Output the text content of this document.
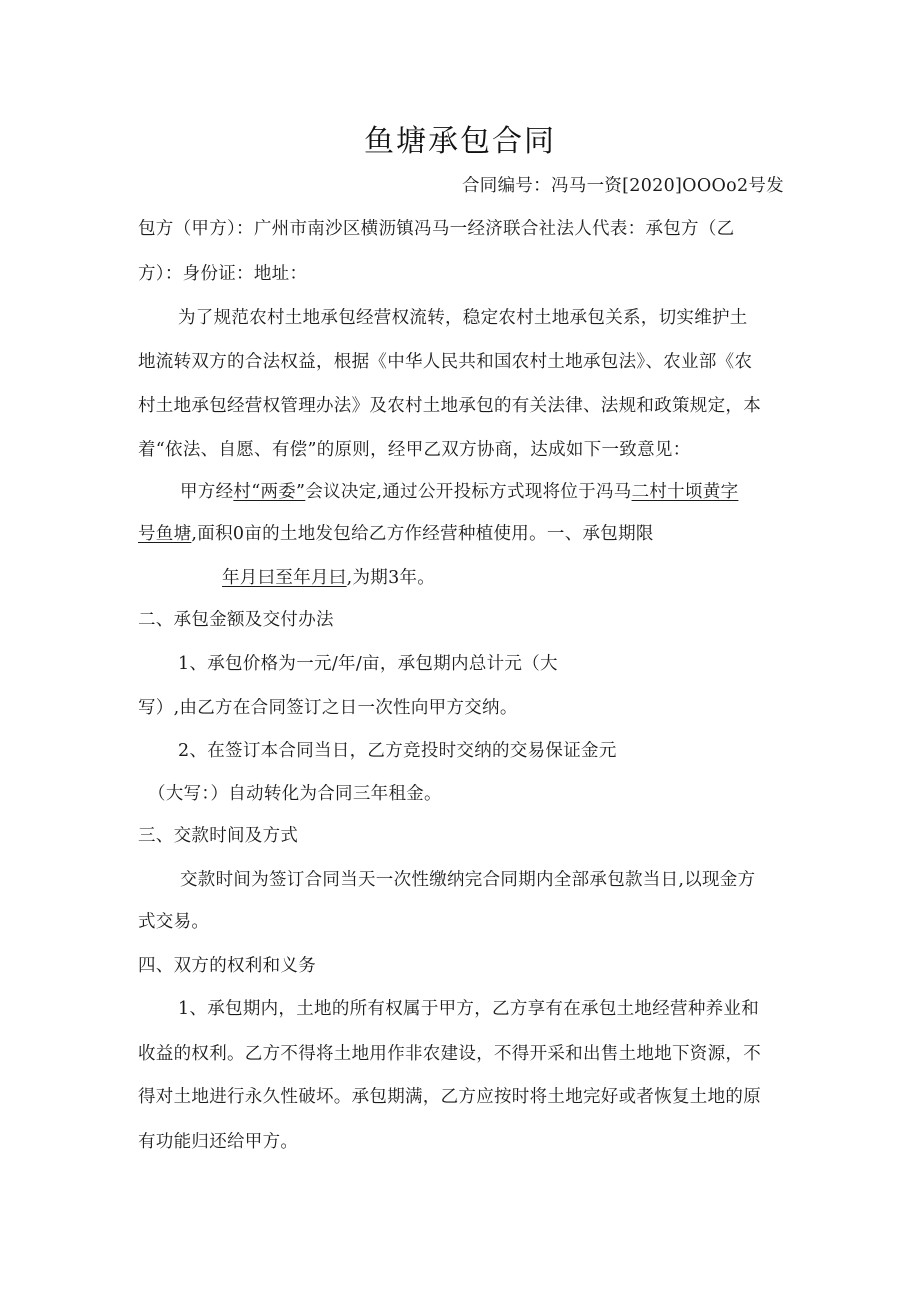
鱼塘承包合同
合同编号：冯马一资[2020]OOOo2号发
包方（甲方）：广州市南沙区横沥镇冯马一经济联合社法人代表：承包方（乙
方）：身份证：地址：
为了规范农村土地承包经营权流转，稳定农村土地承包关系，切实维护土
地流转双方的合法权益，根据《中华人民共和国农村土地承包法》、农业部《农
村土地承包经营权管理办法》及农村土地承包的有关法律、法规和政策规定，本
着“依法、自愿、有偿”的原则，经甲乙双方协商，达成如下一致意见：
甲方经村“两委”会议决定,通过公开投标方式现将位于冯马二村十顷黄字
号鱼塘,面积0亩的土地发包给乙方作经营种植使用。一、承包期限
年月曰至年月曰,为期3年。
二、承包金额及交付办法
1、承包价格为一元/年/亩，承包期内总计元（大
写）,由乙方在合同签订之日一次性向甲方交纳。
2、在签订本合同当日，乙方竞投时交纳的交易保证金元
（大写：）自动转化为合同三年租金。
三、交款时间及方式
交款时间为签订合同当天一次性缴纳完合同期内全部承包款当日,以现金方
式交易。
四、双方的权利和义务
1、承包期内，土地的所有权属于甲方，乙方享有在承包土地经营种养业和
收益的权利。乙方不得将土地用作非农建设，不得开采和出售土地地下资源，不
得对土地进行永久性破坏。承包期满，乙方应按时将土地完好或者恢复土地的原
有功能归还给甲方。
